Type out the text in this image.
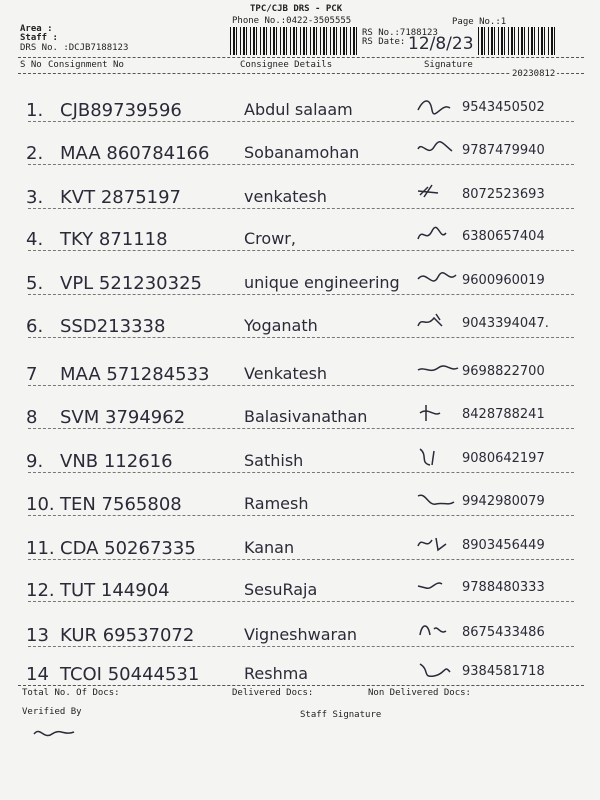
TPC/CJB DRS - PCK
Phone No.:0422-3505555	Page No.:1
Area :
Staff :
DRS No. :DCJB7188123
RS No.:7188123
RS Date: 12/8/23
S No Consignment No	Consignee Details	Signature
20230812
1. CJB89739596	Abdul salaam	9543450502
2. MAA 860784166 Sobanamohan	9787479940
3. KVT 2875197	venkatesh	8072523693
4. TKY 871118	Crowr,	6380657404
5. VPL 521230325	unique engineering	9600960019
6. SSD213338	Yoganath	9043394047.
7 MAA 571284533 Venkatesh	9698822700
8 SVM 3794962	Balasivanathan	8428788241
9. VNB 112616	Sathish	9080642197
10. TEN 7565808	Ramesh	9942980079
11. CDA 50267335	Kanan	8903456449
12. TUT 144904	SesuRaja	9788480333
13 KUR 69537072	Vigneshwaran	8675433486
14 TCOI 50444531	Reshma	9384581718
Total No. Of Docs:	Delivered Docs:	Non Delivered Docs:
Verified By	Staff Signature
